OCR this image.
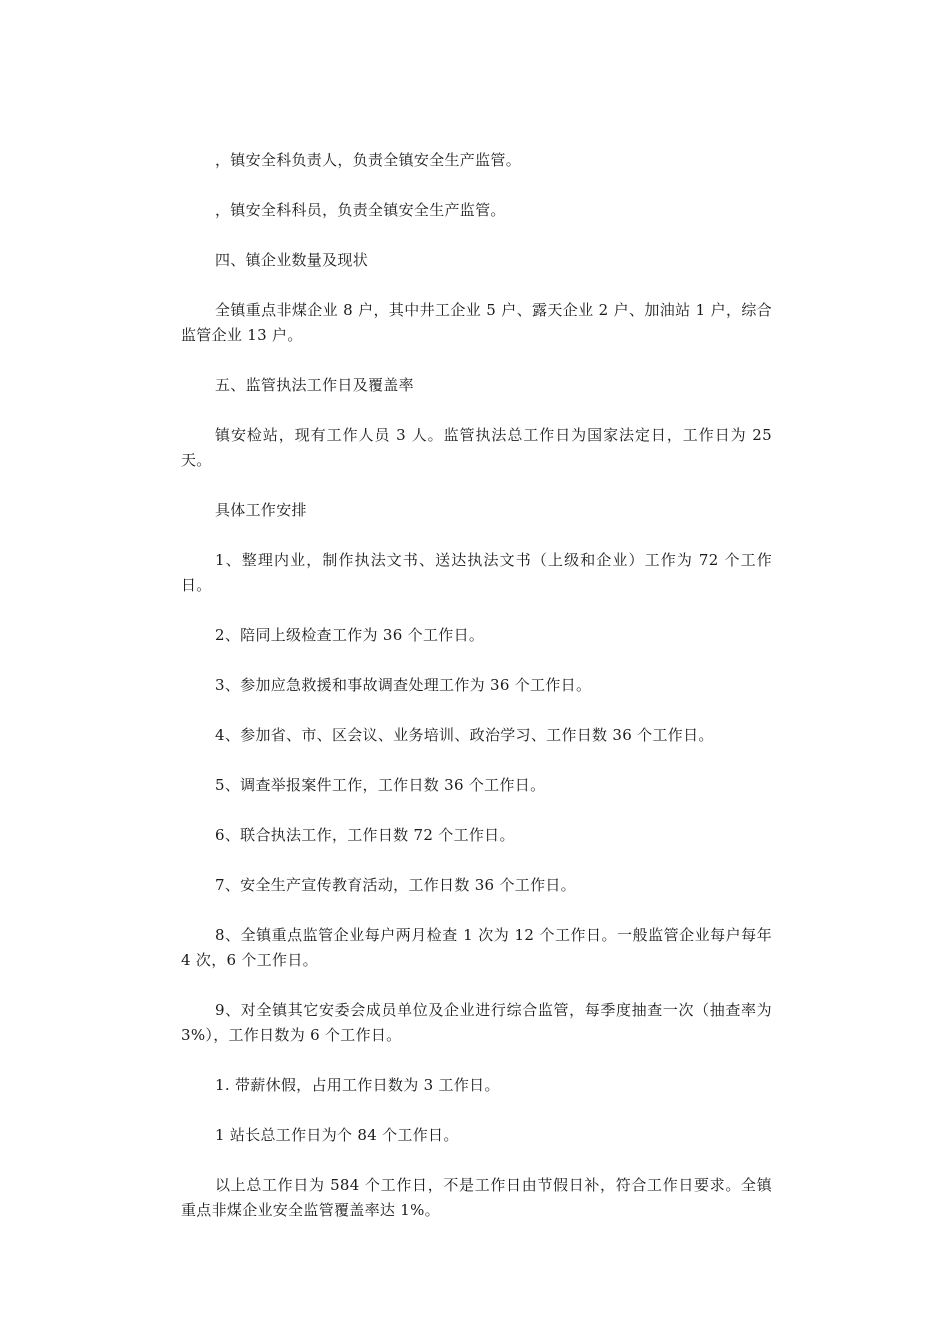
，镇安全科负责人，负责全镇安全生产监管。

，镇安全科科员，负责全镇安全生产监管。

四、镇企业数量及现状

全镇重点非煤企业 8 户，其中井工企业 5 户、露天企业 2 户、加油站 1 户，综合监管企业 13 户。

五、监管执法工作日及覆盖率

镇安检站，现有工作人员 3 人。监管执法总工作日为国家法定日，工作日为 25 天。

具体工作安排

1、整理内业，制作执法文书、送达执法文书（上级和企业）工作为 72 个工作日。

2、陪同上级检查工作为 36 个工作日。

3、参加应急救援和事故调查处理工作为 36 个工作日。

4、参加省、市、区会议、业务培训、政治学习、工作日数 36 个工作日。

5、调查举报案件工作，工作日数 36 个工作日。

6、联合执法工作，工作日数 72 个工作日。

7、安全生产宣传教育活动，工作日数 36 个工作日。

8、全镇重点监管企业每户两月检查 1 次为 12 个工作日。一般监管企业每户每年 4 次，6 个工作日。

9、对全镇其它安委会成员单位及企业进行综合监管，每季度抽查一次（抽查率为 3%），工作日数为 6 个工作日。

1. 带薪休假，占用工作日数为 3 工作日。

1 站长总工作日为个 84 个工作日。

以上总工作日为 584 个工作日，不是工作日由节假日补，符合工作日要求。全镇重点非煤企业安全监管覆盖率达 1%。
